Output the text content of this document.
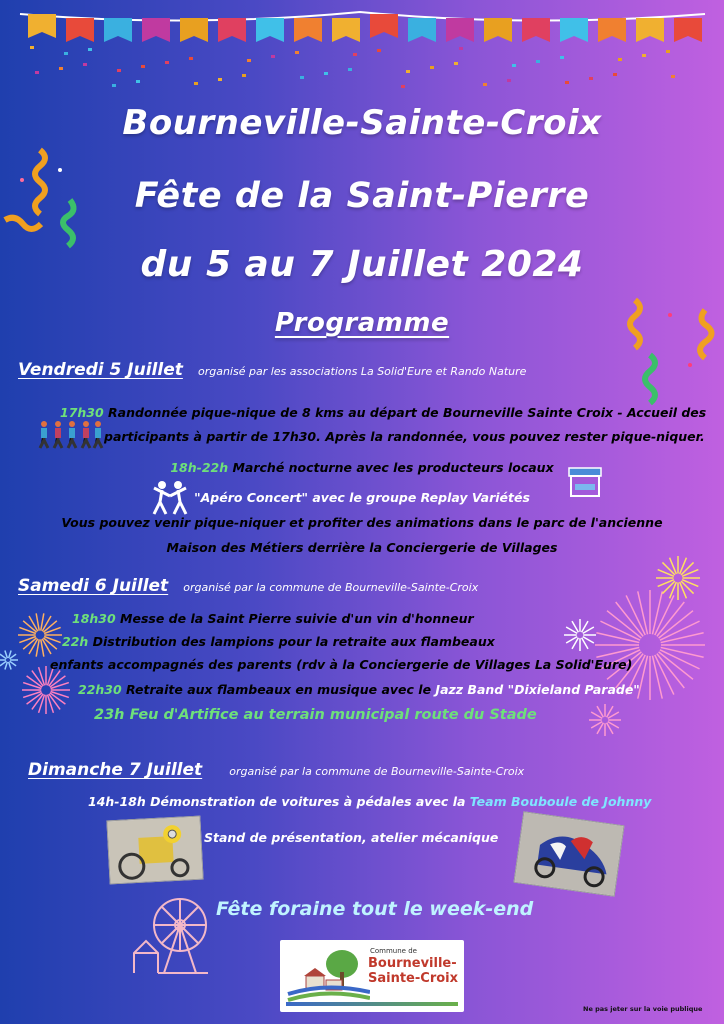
Bourneville-Sainte-Croix
Fête de la Saint-Pierre
du 5 au 7 Juillet 2024
Programme
Vendredi 5 Juillet organisé par les associations La Solid'Eure et Rando Nature
17h30 Randonnée pique-nique de 8 kms au départ de Bourneville Sainte Croix - Accueil des
participants à partir de 17h30. Après la randonnée, vous pouvez rester pique-niquer.
18h-22h Marché nocturne avec les producteurs locaux
"Apéro Concert" avec le groupe Replay Variétés
Vous pouvez venir pique-niquer et profiter des animations dans le parc de l'ancienne
Maison des Métiers derrière la Conciergerie de Villages
Samedi 6 Juillet organisé par la commune de Bourneville-Sainte-Croix
18h30 Messe de la Saint Pierre suivie d'un vin d'honneur
22h Distribution des lampions pour la retraite aux flambeaux
enfants accompagnés des parents (rdv à la Conciergerie de Villages La Solid'Eure)
22h30 Retraite aux flambeaux en musique avec le Jazz Band "Dixieland Parade"
23h Feu d'Artifice au terrain municipal route du Stade
Dimanche 7 Juillet organisé par la commune de Bourneville-Sainte-Croix
14h-18h Démonstration de voitures à pédales avec la Team Bouboule de Johnny
Stand de présentation, atelier mécanique
Fête foraine tout le week-end
Commune de
Bourneville-
Sainte-Croix
Ne pas jeter sur la voie publique
